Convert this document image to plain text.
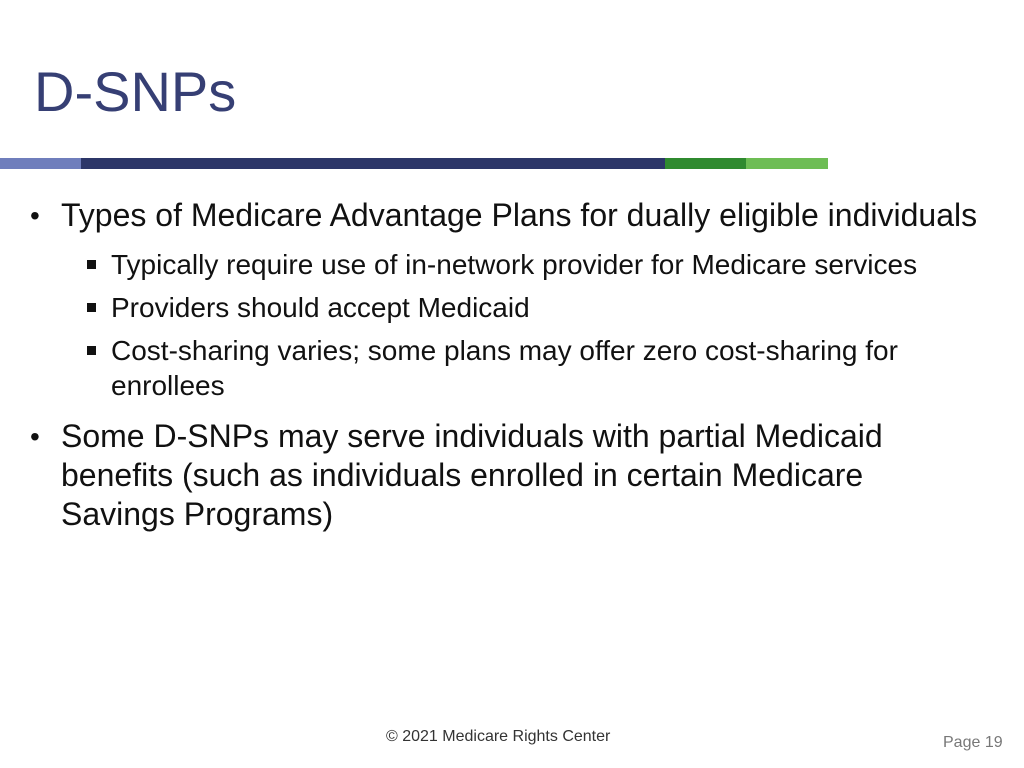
D-SNPs
• Types of Medicare Advantage Plans for dually eligible individuals
Typically require use of in-network provider for Medicare services
Providers should accept Medicaid
Cost-sharing varies; some plans may offer zero cost-sharing for enrollees
• Some D-SNPs may serve individuals with partial Medicaid benefits (such as individuals enrolled in certain Medicare Savings Programs)
© 2021 Medicare Rights Center	Page 19
